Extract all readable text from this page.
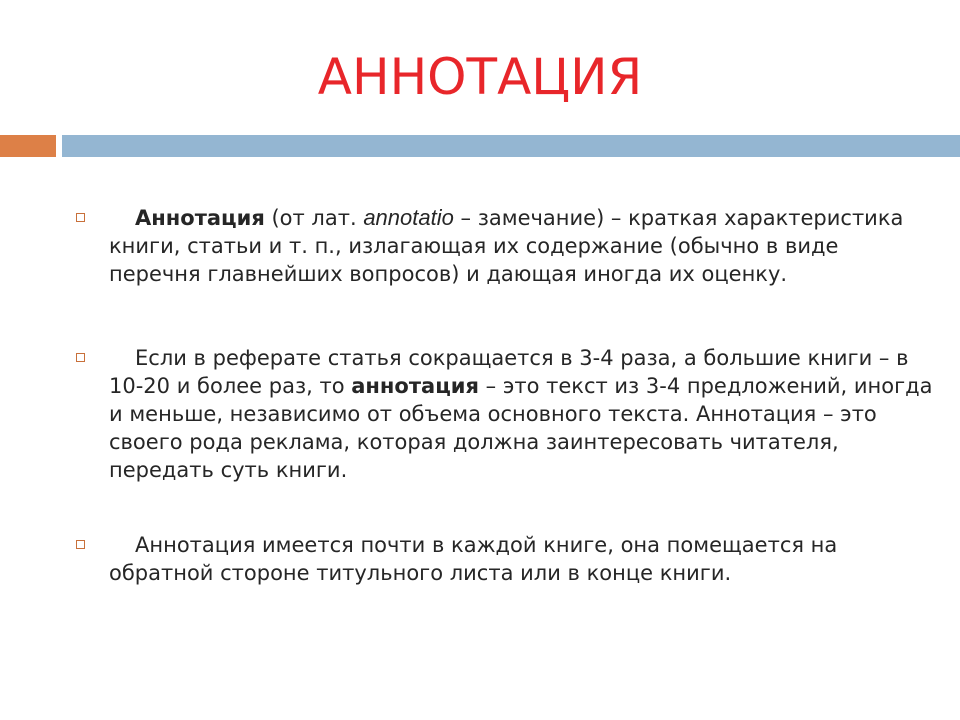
АННОТАЦИЯ
Аннотация (от лат. annotatio – замечание) – краткая характеристика книги, статьи и т. п., излагающая их содержание (обычно в виде перечня главнейших вопросов) и дающая иногда их оценку.
Если в реферате статья сокращается в 3-4 раза, а большие книги – в 10-20 и более раз, то аннотация – это текст из 3-4 предложений, иногда и меньше, независимо от объема основного текста. Аннотация – это своего рода реклама, которая должна заинтересовать читателя, передать суть книги.
Аннотация имеется почти в каждой книге, она помещается на обратной стороне титульного листа или в конце книги.
